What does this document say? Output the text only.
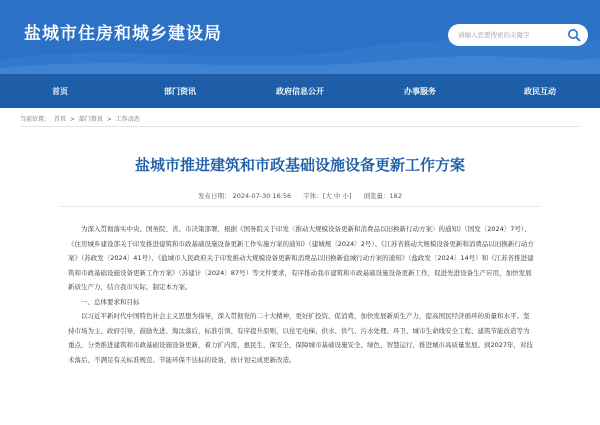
盐城市住房和城乡建设局
请输入您要搜索的关键字
首页	部门资讯	政府信息公开	办事服务	政民互动
当前位置： 首页 > 部门资讯 > 工作动态
盐城市推进建筑和市政基础设施设备更新工作方案
发布日期： 2024-07-30 16:56 字体：[大 中 小] 浏览量：182

为深入贯彻落实中央、国务院、省、市决策部署，根据《国务院关于印发〈推动大规模设备更新和消费品以旧换新行动方案〉的通知》（国发〔2024〕7号）、《住房城乡建设部关于印发推进建筑和市政基础设施设备更新工作实施方案的通知》（建城规〔2024〕2号）、《江苏省推动大规模设备更新和消费品以旧换新行动方案》（苏政发〔2024〕41号）、《盐城市人民政府关于印发推动大规模设备更新和消费品以旧换新盐城行动方案的通知》（盐政发〔2024〕14号）和《江苏省推进建筑和市政基础设施设备更新工作方案》（苏建计〔2024〕87号）等文件要求，有序推动我市建筑和市政基础设施设备更新工作，促进先进设备生产应用，加快发展新质生产力，结合我市实际，制定本方案。

一、总体要求和目标

以习近平新时代中国特色社会主义思想为指导，深入贯彻党的二十大精神，更好扩投资、促消费，加快发展新质生产力，提高国民经济循环的质量和水平。坚持市场为主、政府引导，鼓励先进、淘汰落后，标准引领、有序提升原则，以住宅电梯、供水、供气、污水处理、环卫、城市生命线安全工程、建筑节能改造等为重点，分类推进建筑和市政基础设施设备更新，着力扩内需、惠民生、保安全，保障城市基础设施安全、绿色、智慧运行，推进城市高质量发展。到2027年，对技术落后、不满足有关标准规范、节能环保不达标的设备，按计划完成更新改造。
